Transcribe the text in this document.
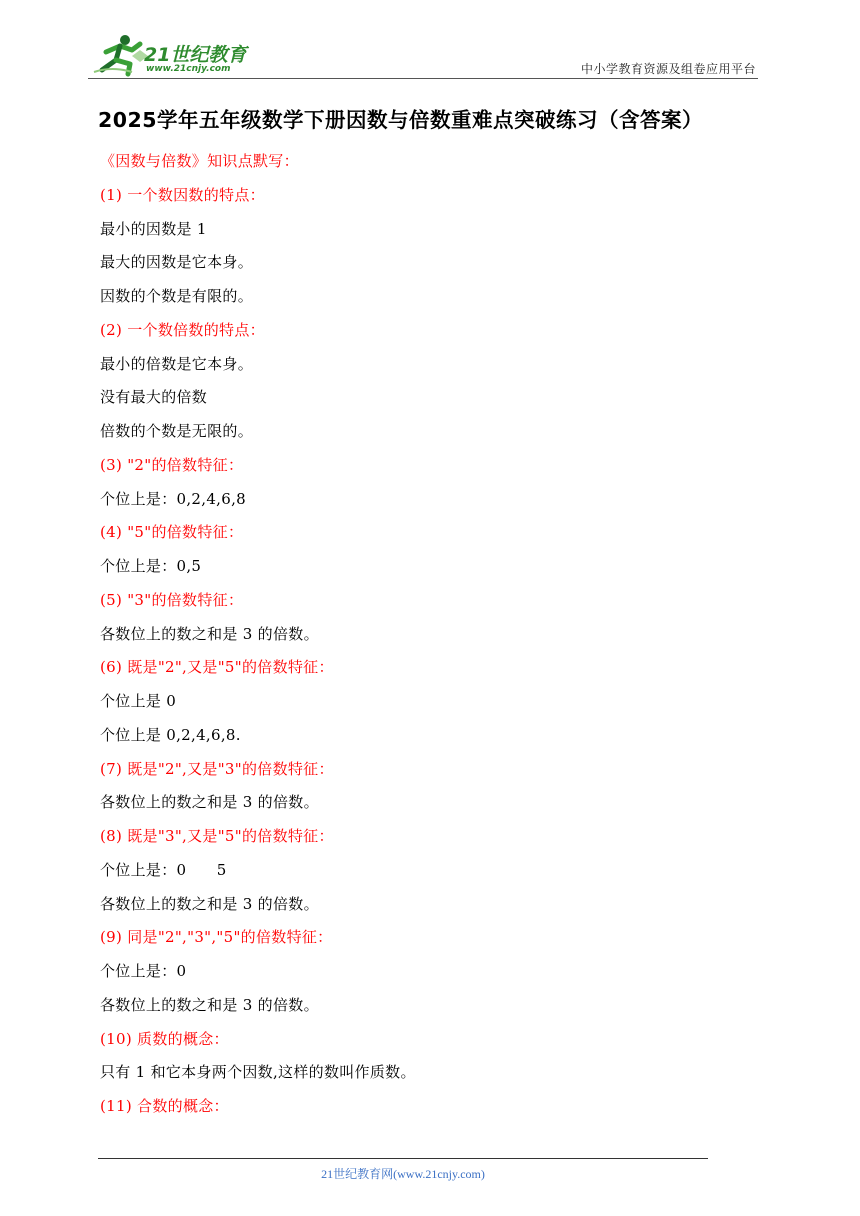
21世纪教育
www.21cnjy.com	中小学教育资源及组卷应用平台
2025学年五年级数学下册因数与倍数重难点突破练习（含答案）
《因数与倍数》知识点默写：
(1) 一个数因数的特点：
最小的因数是 1
最大的因数是它本身。
因数的个数是有限的。
(2) 一个数倍数的特点：
最小的倍数是它本身。
没有最大的倍数
倍数的个数是无限的。
(3) "2"的倍数特征：
个位上是：0,2,4,6,8
(4) "5"的倍数特征：
个位上是：0,5
(5) "3"的倍数特征：
各数位上的数之和是 3 的倍数。
(6) 既是"2",又是"5"的倍数特征：
个位上是 0
个位上是 0,2,4,6,8.
(7) 既是"2",又是"3"的倍数特征：
各数位上的数之和是 3 的倍数。
(8) 既是"3",又是"5"的倍数特征：
个位上是：0      5
各数位上的数之和是 3 的倍数。
(9) 同是"2","3","5"的倍数特征：
个位上是：0
各数位上的数之和是 3 的倍数。
(10) 质数的概念：
只有 1 和它本身两个因数,这样的数叫作质数。
(11) 合数的概念：
21世纪教育网(www.21cnjy.com)
